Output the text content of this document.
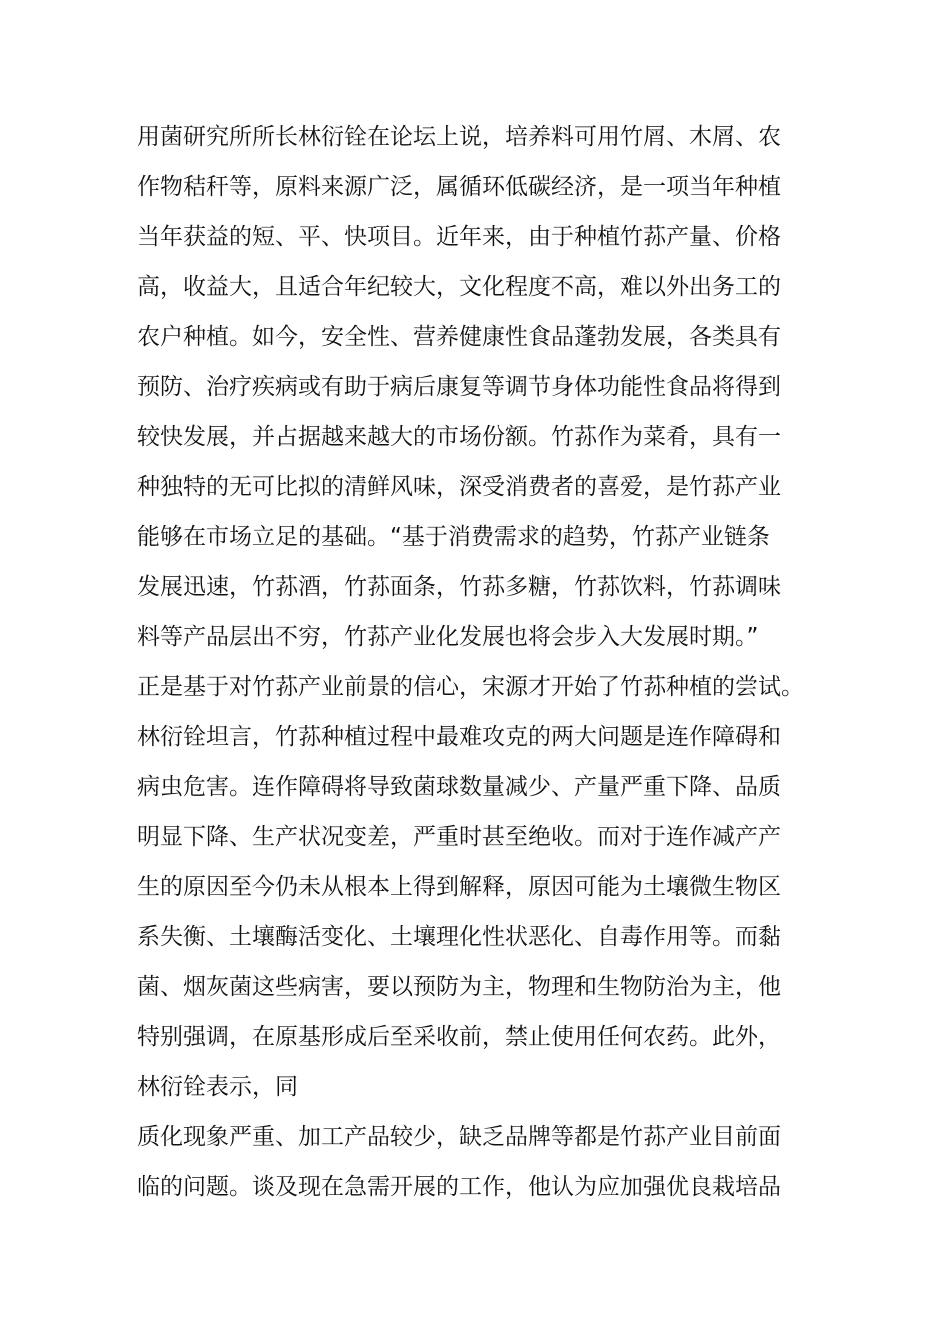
用菌研究所所长林衍铨在论坛上说，培养料可用竹屑、木屑、农
作物秸秆等，原料来源广泛，属循环低碳经济，是一项当年种植
当年获益的短、平、快项目。近年来，由于种植竹荪产量、价格
高，收益大，且适合年纪较大，文化程度不高，难以外出务工的
农户种植。如今，安全性、营养健康性食品蓬勃发展，各类具有
预防、治疗疾病或有助于病后康复等调节身体功能性食品将得到
较快发展，并占据越来越大的市场份额。竹荪作为菜肴，具有一
种独特的无可比拟的清鲜风味，深受消费者的喜爱，是竹荪产业
能够在市场立足的基础。“基于消费需求的趋势，竹荪产业链条
发展迅速，竹荪酒，竹荪面条，竹荪多糖，竹荪饮料，竹荪调味
料等产品层出不穷，竹荪产业化发展也将会步入大发展时期。”
正是基于对竹荪产业前景的信心，宋源才开始了竹荪种植的尝试。
林衍铨坦言，竹荪种植过程中最难攻克的两大问题是连作障碍和
病虫危害。连作障碍将导致菌球数量减少、产量严重下降、品质
明显下降、生产状况变差，严重时甚至绝收。而对于连作减产产
生的原因至今仍未从根本上得到解释，原因可能为土壤微生物区
系失衡、土壤酶活变化、土壤理化性状恶化、自毒作用等。而黏
菌、烟灰菌这些病害，要以预防为主，物理和生物防治为主，他
特别强调，在原基形成后至采收前，禁止使用任何农药。此外，
林衍铨表示，同
质化现象严重、加工产品较少，缺乏品牌等都是竹荪产业目前面
临的问题。谈及现在急需开展的工作，他认为应加强优良栽培品
